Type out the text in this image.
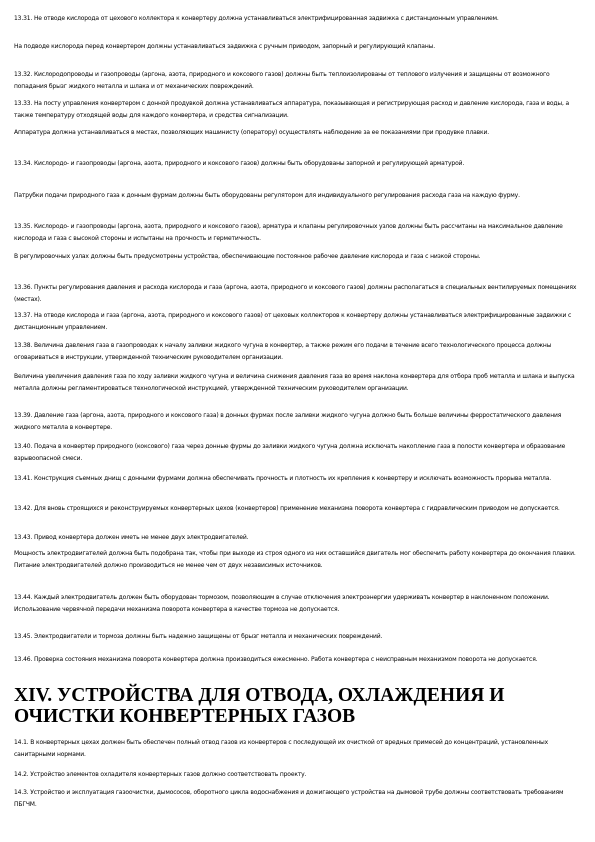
13.31. Не отводе кислорода от цехового коллектора к конвертеру должна устанавливаться электрифицированная задвижка с дистанционным управлением.

На подводе кислорода перед конвертером должны устанавливаться задвижка с ручным приводом, запорный и регулирующий клапаны.

13.32. Кислородопроводы и газопроводы (аргона, азота, природного и коксового газов) должны быть теплоизолированы от теплового излучения и защищены от возможного попадания брызг жидкого металла и шлака и от механических повреждений.

13.33. На посту управления конвертером с донной продувкой должна устанавливаться аппаратура, показывающая и регистрирующая расход и давление кислорода, газа и воды, а также температуру отходящей воды для каждого конвертера, и средства сигнализации.

Аппаратура должна устанавливаться в местах, позволяющих машинисту (оператору) осуществлять наблюдение за ее показаниями при продувке плавки.

13.34. Кислородо- и газопроводы (аргона, азота, природного и коксового газов) должны быть оборудованы запорной и регулирующей арматурой.

Патрубки подачи природного газа к донным фурмам должны быть оборудованы регулятором для индивидуального регулирования расхода газа на каждую фурму.

13.35. Кислородо- и газопроводы (аргона, азота, природного и коксового газов), арматура и клапаны регулировочных узлов должны быть рассчитаны на максимальное давление кислорода и газа с высокой стороны и испытаны на прочность и герметичность.

В регулировочных узлах должны быть предусмотрены устройства, обеспечивающие постоянное рабочее давление кислорода и газа с низкой стороны.

13.36. Пункты регулирования давления и расхода кислорода и газа (аргона, азота, природного и коксового газов) должны располагаться в специальных вентилируемых помещениях (местах).

13.37. На отводе кислорода и газа (аргона, азота, природного и коксового газов) от цеховых коллекторов к конвертеру должны устанавливаться электрифицированные задвижки с дистанционным управлением.

13.38. Величина давления газа в газопроводах к началу заливки жидкого чугуна в конвертер, а также режим его подачи в течение всего технологического процесса должны оговариваться в инструкции, утвержденной техническим руководителем организации.

Величина увеличения давления газа по ходу заливки жидкого чугуна и величина снижения давления газа во время наклона конвертера для отбора проб металла и шлака и выпуска металла должны регламентироваться технологической инструкцией, утвержденной техническим руководителем организации.

13.39. Давление газа (аргона, азота, природного и коксового газа) в донных фурмах после заливки жидкого чугуна должно быть больше величины ферростатического давления жидкого металла в конвертере.

13.40. Подача в конвертер природного (коксового) газа через донные фурмы до заливки жидкого чугуна должна исключать накопление газа в полости конвертера и образование взрывоопасной смеси.

13.41. Конструкция съемных днищ с донными фурмами должна обеспечивать прочность и плотность их крепления к конвертеру и исключать возможность прорыва металла.

13.42. Для вновь строящихся и реконструируемых конвертерных цехов (конвертеров) применение механизма поворота конвертера с гидравлическим приводом не допускается.

13.43. Привод конвертера должен иметь не менее двух электродвигателей.

Мощность электродвигателей должна быть подобрана так, чтобы при выходе из строя одного из них оставшийся двигатель мог обеспечить работу конвертера до окончания плавки. Питание электродвигателей должно производиться не менее чем от двух независимых источников.

13.44. Каждый электродвигатель должен быть оборудован тормозом, позволяющим в случае отключения электроэнергии удерживать конвертер в наклоненном положении. Использование червячной передачи механизма поворота конвертера в качестве тормоза не допускается.

13.45. Электродвигатели и тормоза должны быть надежно защищены от брызг металла и механических повреждений.

13.46. Проверка состояния механизма поворота конвертера должна производиться ежесменно. Работа конвертера с неисправным механизмом поворота не допускается.

XIV. УСТРОЙСТВА ДЛЯ ОТВОДА, ОХЛАЖДЕНИЯ И ОЧИСТКИ КОНВЕРТЕРНЫХ ГАЗОВ

14.1. В конвертерных цехах должен быть обеспечен полный отвод газов из конвертеров с последующей их очисткой от вредных примесей до концентраций, установленных санитарными нормами.

14.2. Устройство элементов охладителя конвертерных газов должно соответствовать проекту.

14.3. Устройство и эксплуатация газоочистки, дымососов, оборотного цикла водоснабжения и дожигающего устройства на дымовой трубе должны соответствовать требованиям ПБГЧМ.
